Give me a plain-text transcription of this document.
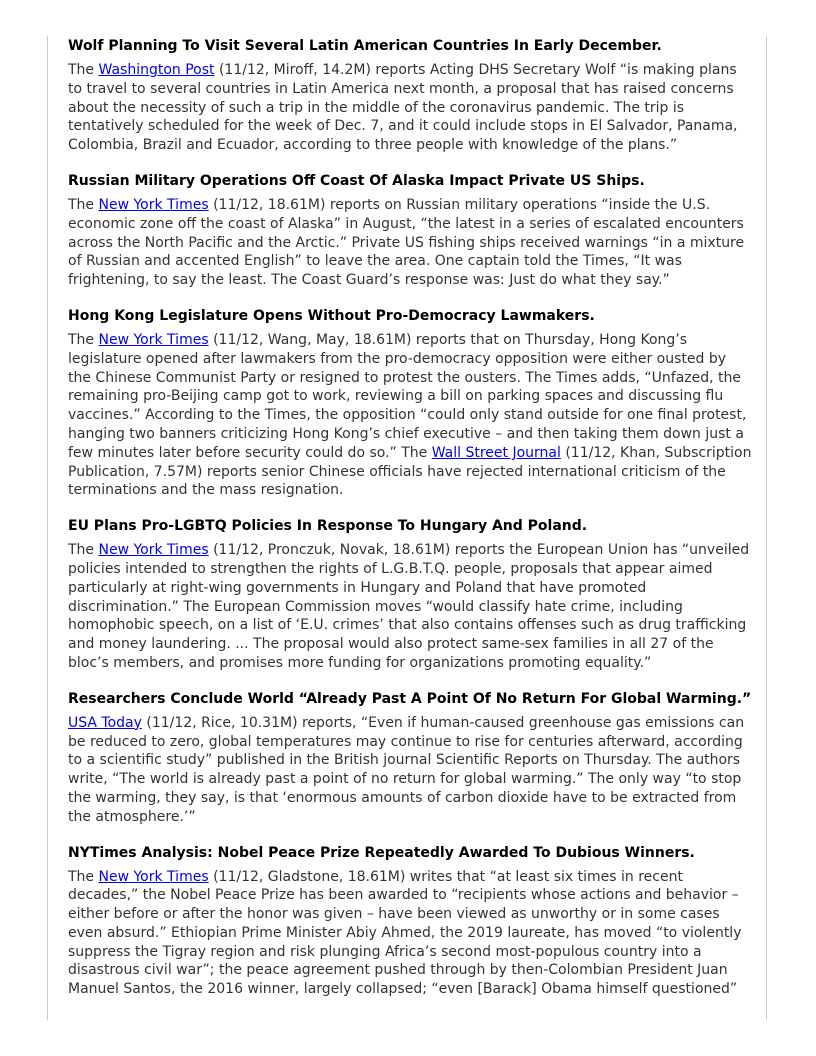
Wolf Planning To Visit Several Latin American Countries In Early December.

The Washington Post (11/12, Miroff, 14.2M) reports Acting DHS Secretary Wolf “is making plans to travel to several countries in Latin America next month, a proposal that has raised concerns about the necessity of such a trip in the middle of the coronavirus pandemic. The trip is tentatively scheduled for the week of Dec. 7, and it could include stops in El Salvador, Panama, Colombia, Brazil and Ecuador, according to three people with knowledge of the plans.”

Russian Military Operations Off Coast Of Alaska Impact Private US Ships.

The New York Times (11/12, 18.61M) reports on Russian military operations “inside the U.S. economic zone off the coast of Alaska” in August, “the latest in a series of escalated encounters across the North Pacific and the Arctic.” Private US fishing ships received warnings “in a mixture of Russian and accented English” to leave the area. One captain told the Times, “It was frightening, to say the least. The Coast Guard’s response was: Just do what they say.”

Hong Kong Legislature Opens Without Pro-Democracy Lawmakers.

The New York Times (11/12, Wang, May, 18.61M) reports that on Thursday, Hong Kong’s legislature opened after lawmakers from the pro-democracy opposition were either ousted by the Chinese Communist Party or resigned to protest the ousters. The Times adds, “Unfazed, the remaining pro-Beijing camp got to work, reviewing a bill on parking spaces and discussing flu vaccines.” According to the Times, the opposition “could only stand outside for one final protest, hanging two banners criticizing Hong Kong’s chief executive – and then taking them down just a few minutes later before security could do so.” The Wall Street Journal (11/12, Khan, Subscription Publication, 7.57M) reports senior Chinese officials have rejected international criticism of the terminations and the mass resignation.

EU Plans Pro-LGBTQ Policies In Response To Hungary And Poland.

The New York Times (11/12, Pronczuk, Novak, 18.61M) reports the European Union has “unveiled policies intended to strengthen the rights of L.G.B.T.Q. people, proposals that appear aimed particularly at right-wing governments in Hungary and Poland that have promoted discrimination.” The European Commission moves “would classify hate crime, including homophobic speech, on a list of ‘E.U. crimes’ that also contains offenses such as drug trafficking and money laundering. ... The proposal would also protect same-sex families in all 27 of the bloc’s members, and promises more funding for organizations promoting equality.”

Researchers Conclude World “Already Past A Point Of No Return For Global Warming.”

USA Today (11/12, Rice, 10.31M) reports, “Even if human-caused greenhouse gas emissions can be reduced to zero, global temperatures may continue to rise for centuries afterward, according to a scientific study” published in the British journal Scientific Reports on Thursday. The authors write, “The world is already past a point of no return for global warming.” The only way “to stop the warming, they say, is that ‘enormous amounts of carbon dioxide have to be extracted from the atmosphere.’”

NYTimes Analysis: Nobel Peace Prize Repeatedly Awarded To Dubious Winners.

The New York Times (11/12, Gladstone, 18.61M) writes that “at least six times in recent decades,” the Nobel Peace Prize has been awarded to “recipients whose actions and behavior – either before or after the honor was given – have been viewed as unworthy or in some cases even absurd.” Ethiopian Prime Minister Abiy Ahmed, the 2019 laureate, has moved “to violently suppress the Tigray region and risk plunging Africa’s second most-populous country into a disastrous civil war”; the peace agreement pushed through by then-Colombian President Juan Manuel Santos, the 2016 winner, largely collapsed; “even [Barack] Obama himself questioned”
